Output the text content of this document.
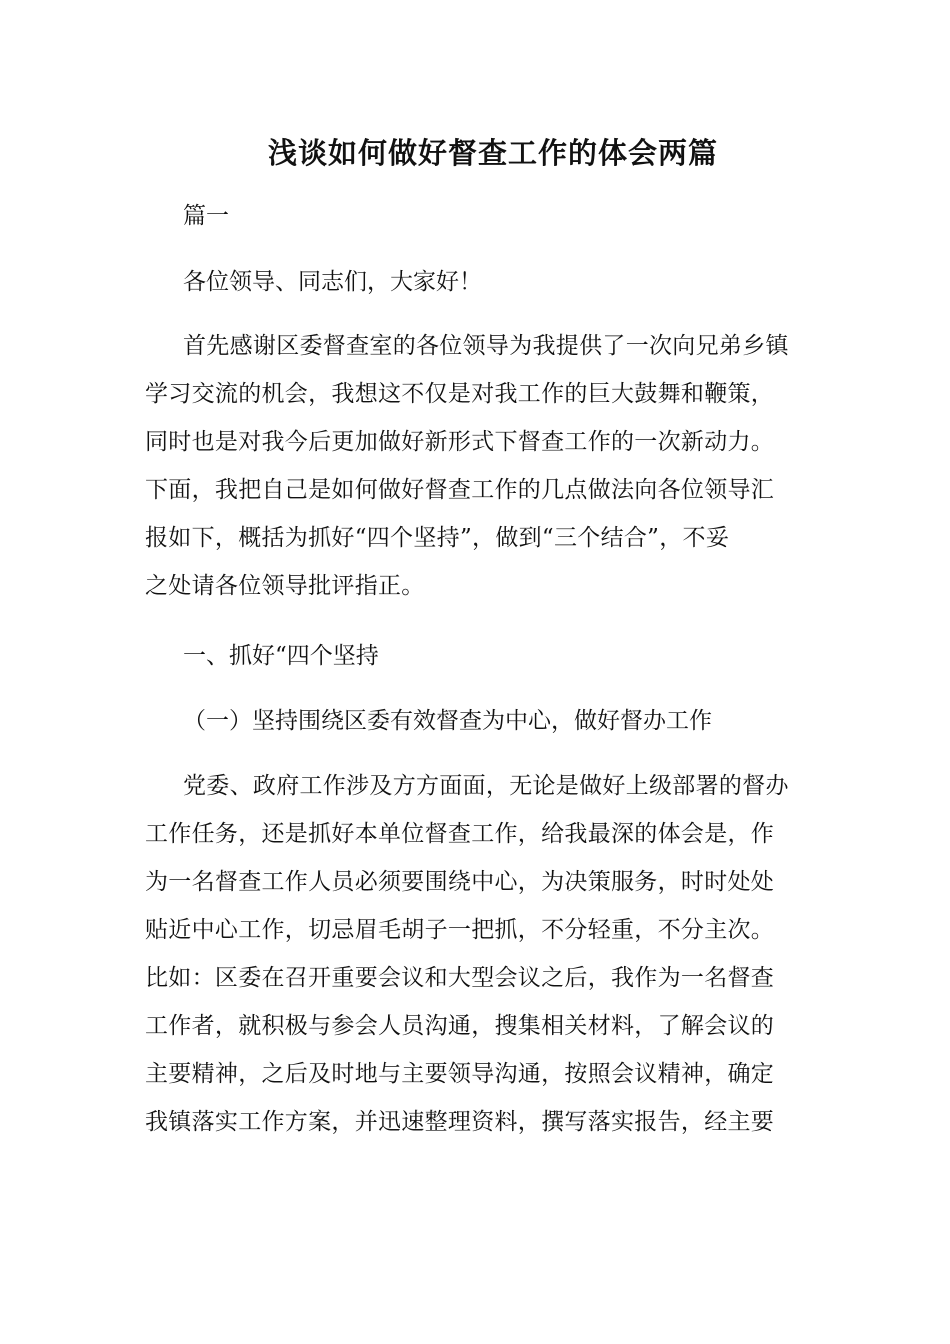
浅谈如何做好督查工作的体会两篇
篇一
各位领导、同志们，大家好！
首先感谢区委督查室的各位领导为我提供了一次向兄弟乡镇
学习交流的机会，我想这不仅是对我工作的巨大鼓舞和鞭策，
同时也是对我今后更加做好新形式下督查工作的一次新动力。
下面，我把自己是如何做好督查工作的几点做法向各位领导汇
报如下，概括为抓好“四个坚持”，做到“三个结合”，不妥
之处请各位领导批评指正。
一、抓好“四个坚持
（一）坚持围绕区委有效督查为中心，做好督办工作
党委、政府工作涉及方方面面，无论是做好上级部署的督办
工作任务，还是抓好本单位督查工作，给我最深的体会是，作
为一名督查工作人员必须要围绕中心，为决策服务，时时处处
贴近中心工作，切忌眉毛胡子一把抓，不分轻重，不分主次。
比如：区委在召开重要会议和大型会议之后，我作为一名督查
工作者，就积极与参会人员沟通，搜集相关材料，了解会议的
主要精神，之后及时地与主要领导沟通，按照会议精神，确定
我镇落实工作方案，并迅速整理资料，撰写落实报告，经主要
